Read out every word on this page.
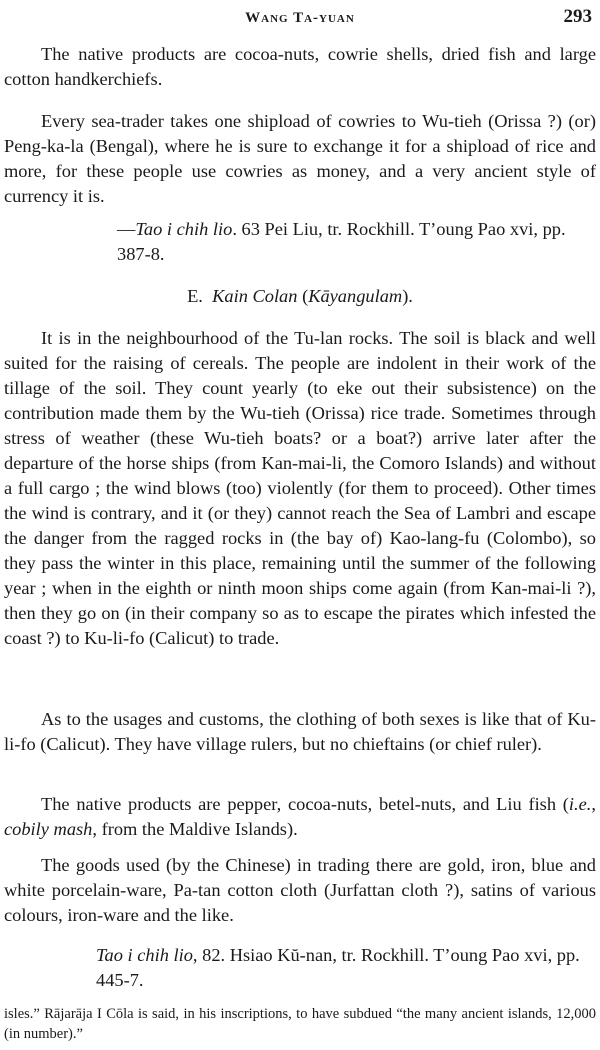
Wang Ta-yuan	293

The native products are cocoa-nuts, cowrie shells, dried fish and large cotton handkerchiefs.

Every sea-trader takes one shipload of cowries to Wu-tieh (Orissa ?) (or) Peng-ka-la (Bengal), where he is sure to exchange it for a shipload of rice and more, for these people use cowries as money, and a very ancient style of currency it is.

—Tao i chih lio. 63 Pei Liu, tr. Rockhill. T’oung Pao xvi, pp. 387-8.

E. Kain Colan (Kāyangulam).

It is in the neighbourhood of the Tu-lan rocks. The soil is black and well suited for the raising of cereals. The people are indolent in their work of the tillage of the soil. They count yearly (to eke out their subsistence) on the contribution made them by the Wu-tieh (Orissa) rice trade. Sometimes through stress of weather (these Wu-tieh boats? or a boat?) arrive later after the departure of the horse ships (from Kan-mai-li, the Comoro Islands) and without a full cargo ; the wind blows (too) violently (for them to proceed). Other times the wind is contrary, and it (or they) cannot reach the Sea of Lambri and escape the danger from the ragged rocks in (the bay of) Kao-lang-fu (Colombo), so they pass the winter in this place, remaining until the summer of the following year ; when in the eighth or ninth moon ships come again (from Kan-mai-li ?), then they go on (in their company so as to escape the pirates which infested the coast ?) to Ku-li-fo (Calicut) to trade.

As to the usages and customs, the clothing of both sexes is like that of Ku-li-fo (Calicut). They have village rulers, but no chieftains (or chief ruler).

The native products are pepper, cocoa-nuts, betel-nuts, and Liu fish (i.e., cobily mash, from the Maldive Islands).

The goods used (by the Chinese) in trading there are gold, iron, blue and white porcelain-ware, Pa-tan cotton cloth (Jurfattan cloth ?), satins of various colours, iron-ware and the like.

Tao i chih lio, 82. Hsiao Kŭ-nan, tr. Rockhill. T’oung Pao xvi, pp. 445-7.

isles.” Rājarāja I Cōla is said, in his inscriptions, to have subdued “the many ancient islands, 12,000 (in number).”
